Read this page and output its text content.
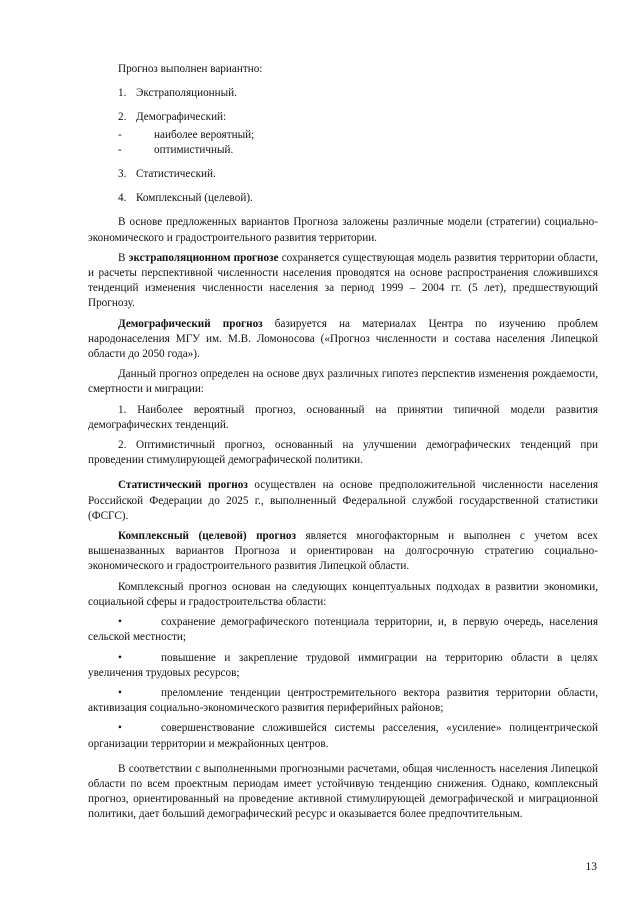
Прогноз выполнен вариантно:

1. Экстраполяционный.
2. Демографический:
-	наиболее вероятный;
-	оптимистичный.
3. Статистический.
4. Комплексный (целевой).

В основе предложенных вариантов Прогноза заложены различные модели (стратегии) социально-экономического и градостроительного развития территории.

В экстраполяционном прогнозе сохраняется существующая модель развития территории области, и расчеты перспективной численности населения проводятся на основе распространения сложившихся тенденций изменения численности населения за период 1999 – 2004 гг. (5 лет), предшествующий Прогнозу.

Демографический прогноз базируется на материалах Центра по изучению проблем народонаселения МГУ им. М.В. Ломоносова («Прогноз численности и состава населения Липецкой области до 2050 года»).

Данный прогноз определен на основе двух различных гипотез перспектив изменения рождаемости, смертности и миграции:

1. Наиболее вероятный прогноз, основанный на принятии типичной модели развития демографических тенденций.

2. Оптимистичный прогноз, основанный на улучшении демографических тенденций при проведении стимулирующей демографической политики.

Статистический прогноз осуществлен на основе предположительной численности населения Российской Федерации до 2025 г., выполненный Федеральной службой государственной статистики (ФСГС).

Комплексный (целевой) прогноз является многофакторным и выполнен с учетом всех вышеназванных вариантов Прогноза и ориентирован на долгосрочную стратегию социально-экономического и градостроительного развития Липецкой области.

Комплексный прогноз основан на следующих концептуальных подходах в развитии экономики, социальной сферы и градостроительства области:

•	сохранение демографического потенциала территории, и, в первую очередь, населения сельской местности;
•	повышение и закрепление трудовой иммиграции на территорию области в целях увеличения трудовых ресурсов;
•	преломление тенденции центростремительного вектора развития территории области, активизация социально-экономического развития периферийных районов;
•	совершенствование сложившейся системы расселения, «усиление» полицентрической организации территории и межрайонных центров.

В соответствии с выполненными прогнозными расчетами, общая численность населения Липецкой области по всем проектным периодам имеет устойчивую тенденцию снижения. Однако, комплексный прогноз, ориентированный на проведение активной стимулирующей демографической и миграционной политики, дает больший демографический ресурс и оказывается более предпочтительным.

13
